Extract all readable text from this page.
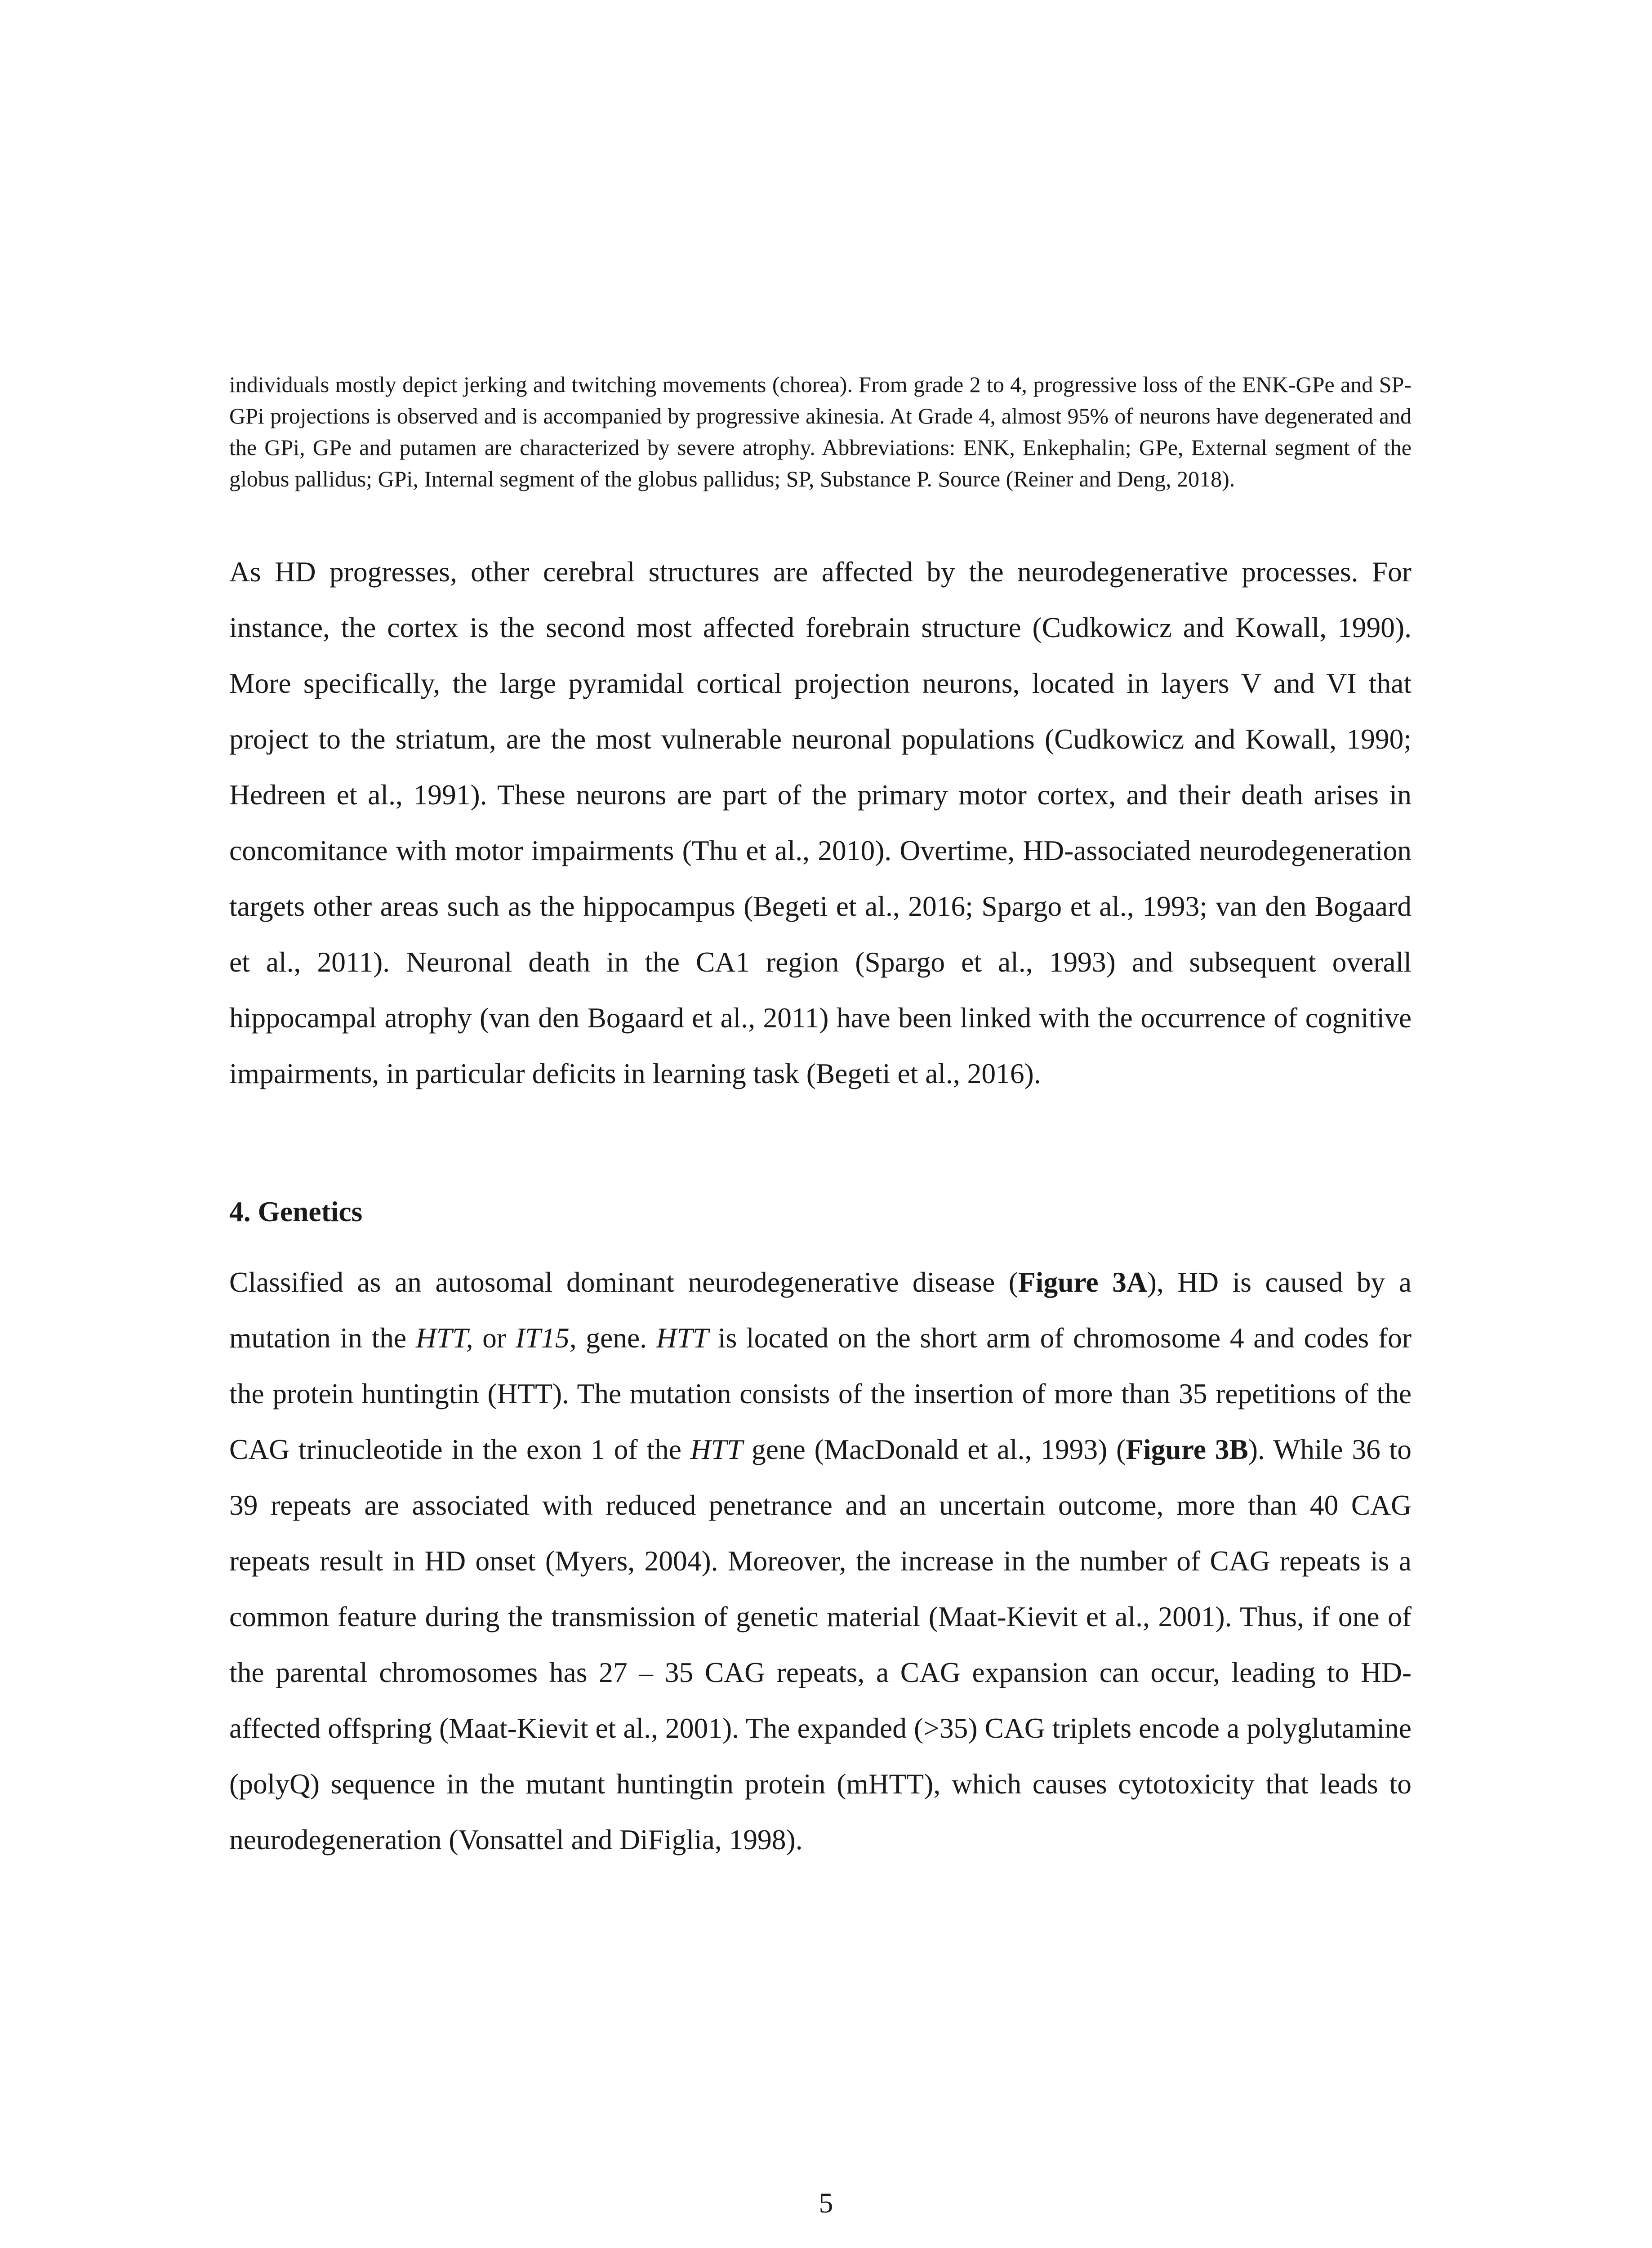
individuals mostly depict jerking and twitching movements (chorea). From grade 2 to 4, progressive loss of the ENK-GPe and SP-GPi projections is observed and is accompanied by progressive akinesia. At Grade 4, almost 95% of neurons have degenerated and the GPi, GPe and putamen are characterized by severe atrophy. Abbreviations: ENK, Enkephalin; GPe, External segment of the globus pallidus; GPi, Internal segment of the globus pallidus; SP, Substance P. Source (Reiner and Deng, 2018).

As HD progresses, other cerebral structures are affected by the neurodegenerative processes. For instance, the cortex is the second most affected forebrain structure (Cudkowicz and Kowall, 1990). More specifically, the large pyramidal cortical projection neurons, located in layers V and VI that project to the striatum, are the most vulnerable neuronal populations (Cudkowicz and Kowall, 1990; Hedreen et al., 1991). These neurons are part of the primary motor cortex, and their death arises in concomitance with motor impairments (Thu et al., 2010). Overtime, HD-associated neurodegeneration targets other areas such as the hippocampus (Begeti et al., 2016; Spargo et al., 1993; van den Bogaard et al., 2011). Neuronal death in the CA1 region (Spargo et al., 1993) and subsequent overall hippocampal atrophy (van den Bogaard et al., 2011) have been linked with the occurrence of cognitive impairments, in particular deficits in learning task (Begeti et al., 2016).

4. Genetics

Classified as an autosomal dominant neurodegenerative disease (Figure 3A), HD is caused by a mutation in the HTT, or IT15, gene. HTT is located on the short arm of chromosome 4 and codes for the protein huntingtin (HTT). The mutation consists of the insertion of more than 35 repetitions of the CAG trinucleotide in the exon 1 of the HTT gene (MacDonald et al., 1993) (Figure 3B). While 36 to 39 repeats are associated with reduced penetrance and an uncertain outcome, more than 40 CAG repeats result in HD onset (Myers, 2004). Moreover, the increase in the number of CAG repeats is a common feature during the transmission of genetic material (Maat-Kievit et al., 2001). Thus, if one of the parental chromosomes has 27 – 35 CAG repeats, a CAG expansion can occur, leading to HD-affected offspring (Maat-Kievit et al., 2001). The expanded (>35) CAG triplets encode a polyglutamine (polyQ) sequence in the mutant huntingtin protein (mHTT), which causes cytotoxicity that leads to neurodegeneration (Vonsattel and DiFiglia, 1998).

5
